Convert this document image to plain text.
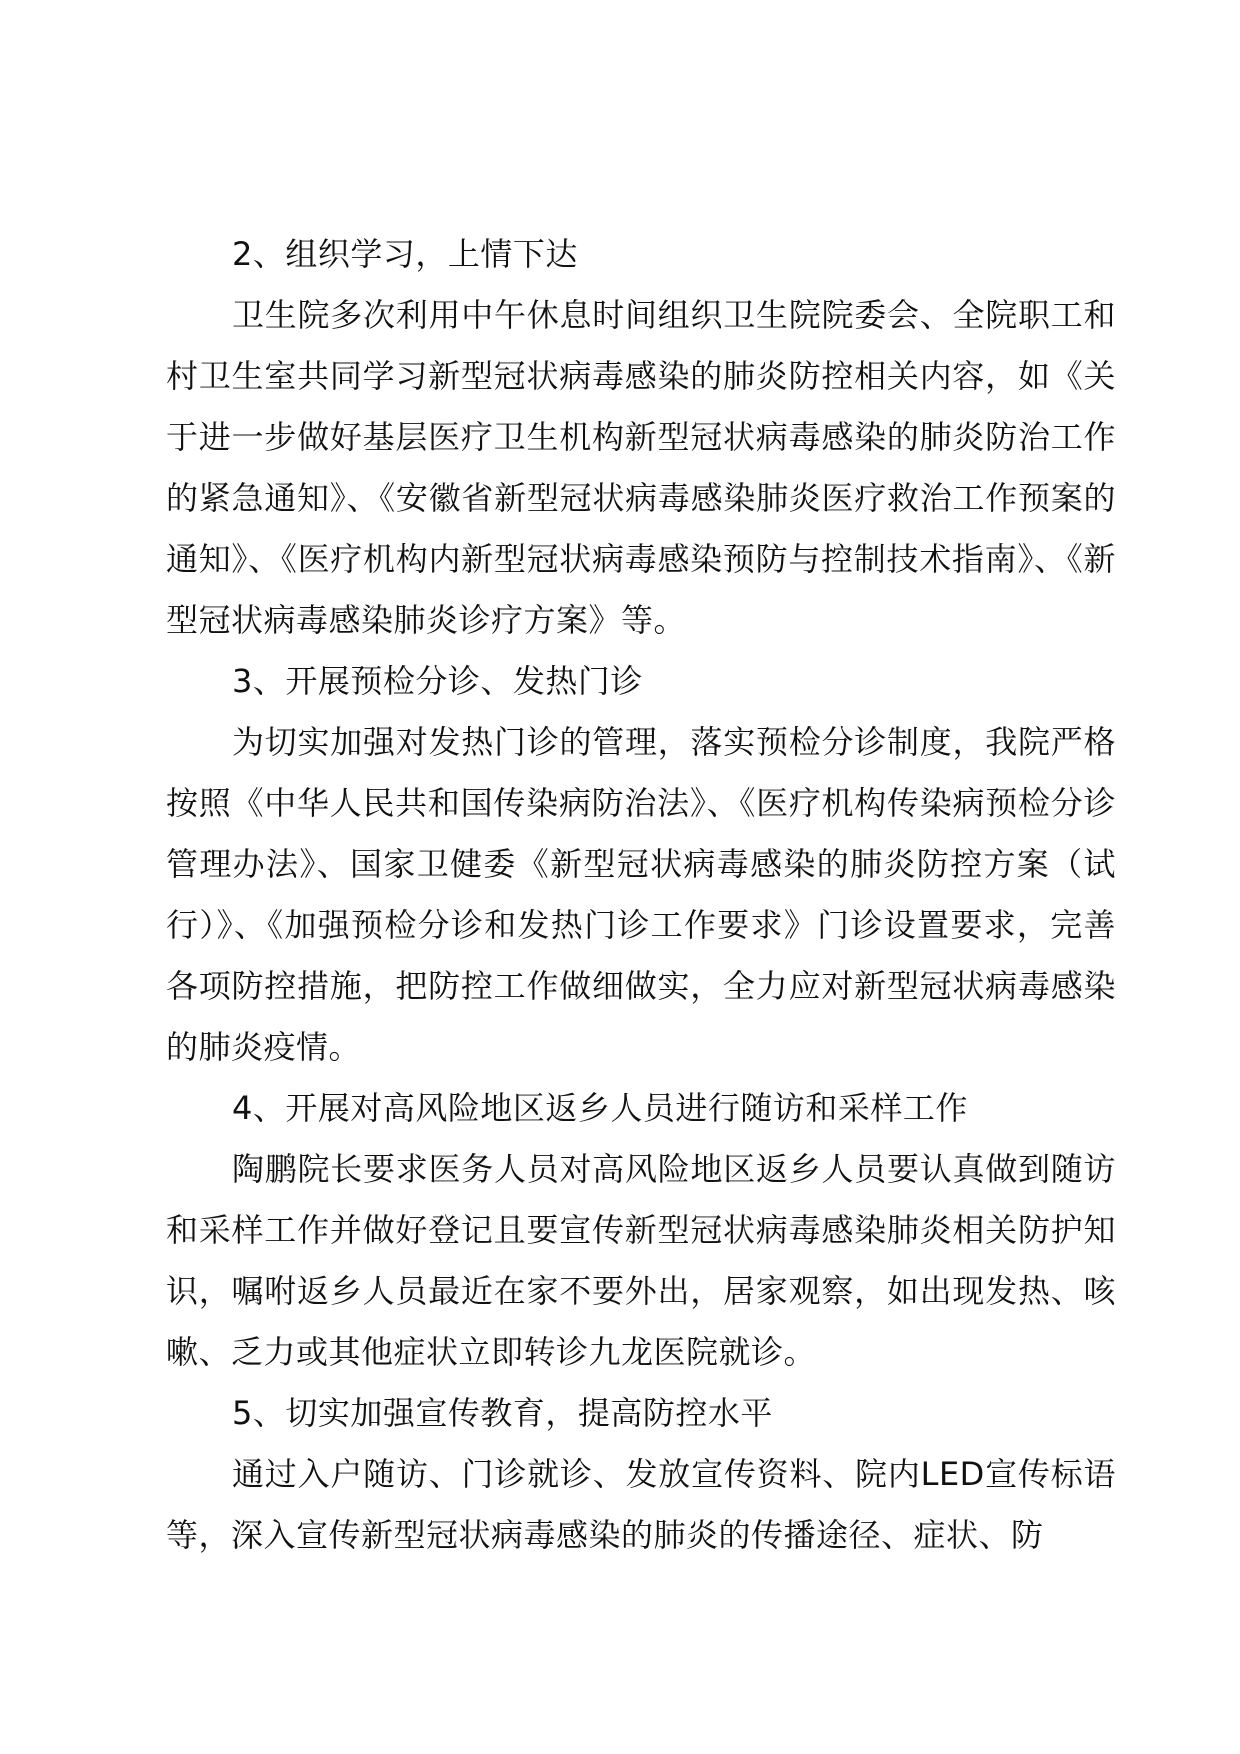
2、组织学习，上情下达

卫生院多次利用中午休息时间组织卫生院院委会、全院职工和村卫生室共同学习新型冠状病毒感染的肺炎防控相关内容，如《关于进一步做好基层医疗卫生机构新型冠状病毒感染的肺炎防治工作的紧急通知》、《安徽省新型冠状病毒感染肺炎医疗救治工作预案的通知》、《医疗机构内新型冠状病毒感染预防与控制技术指南》、《新型冠状病毒感染肺炎诊疗方案》等。

3、开展预检分诊、发热门诊

为切实加强对发热门诊的管理，落实预检分诊制度，我院严格按照《中华人民共和国传染病防治法》、《医疗机构传染病预检分诊管理办法》、国家卫健委《新型冠状病毒感染的肺炎防控方案（试行）》、《加强预检分诊和发热门诊工作要求》门诊设置要求，完善各项防控措施，把防控工作做细做实，全力应对新型冠状病毒感染的肺炎疫情。

4、开展对高风险地区返乡人员进行随访和采样工作

陶鹏院长要求医务人员对高风险地区返乡人员要认真做到随访和采样工作并做好登记且要宣传新型冠状病毒感染肺炎相关防护知识，嘱咐返乡人员最近在家不要外出，居家观察，如出现发热、咳嗽、乏力或其他症状立即转诊九龙医院就诊。

5、切实加强宣传教育，提高防控水平

通过入户随访、门诊就诊、发放宣传资料、院内LED宣传标语等，深入宣传新型冠状病毒感染的肺炎的传播途径、症状、防
